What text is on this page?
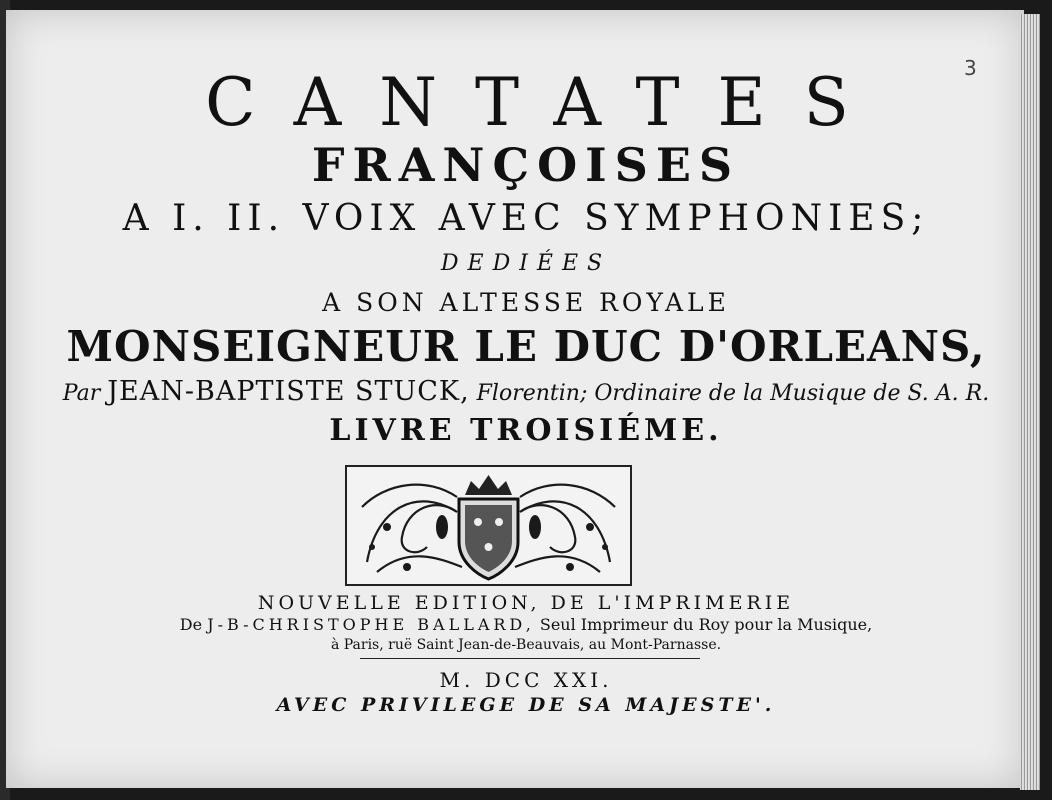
3
CANTATES
FRANÇOISES
A I. II. VOIX AVEC SYMPHONIES;
DEDIÉES
A SON ALTESSE ROYALE
MONSEIGNEUR LE DUC D'ORLEANS,
Par JEAN-BAPTISTE STUCK, Florentin; Ordinaire de la Musique de S. A. R.
LIVRE TROISIÉME.
NOUVELLE EDITION, DE L'IMPRIMERIE
De J-B-CHRISTOPHE BALLARD, Seul Imprimeur du Roy pour la Musique,
à Paris, ruë Saint Jean-de-Beauvais, au Mont-Parnasse.
M. DCC XXI.
AVEC PRIVILEGE DE SA MAJESTE'.
